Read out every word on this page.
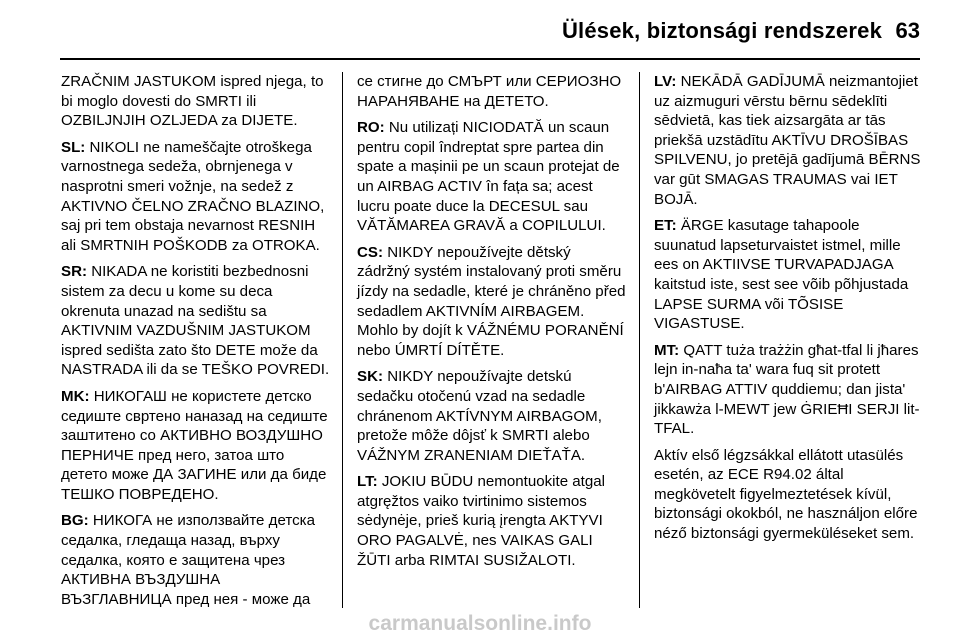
Ülések, biztonsági rendszerek 63

ZRAČNIM JASTUKOM ispred njega, to bi moglo dovesti do SMRTI ili OZBILJNJIH OZLJEDA za DIJETE.

SL: NIKOLI ne nameščajte otroškega varnostnega sedeža, obrnjenega v nasprotni smeri vožnje, na sedež z AKTIVNO ČELNO ZRAČNO BLAZINO, saj pri tem obstaja nevarnost RESNIH ali SMRTNIH POŠKODB za OTROKA.

SR: NIKADA ne koristiti bezbednosni sistem za decu u kome su deca okrenuta unazad na sedištu sa AKTIVNIM VAZDUŠNIM JASTUKOM ispred sedišta zato što DETE može da NASTRADA ili da se TEŠKO POVREDI.

MK: НИКОГАШ не користете детско седиште свртено наназад на седиште заштитено со АКТИВНО ВОЗДУШНО ПЕРНИЧЕ пред него, затоа што детето може ДА ЗАГИНЕ или да биде ТЕШКО ПОВРЕДЕНО.

BG: НИКОГА не използвайте детска седалка, гледаща назад, върху седалка, която е защитена чрез АКТИВНА ВЪЗДУШНА ВЪЗГЛАВНИЦА пред нея - може да

се стигне до СМЪРТ или СЕРИОЗНО НАРАНЯВАНЕ на ДЕТЕТО.

RO: Nu utilizați NICIODATĂ un scaun pentru copil îndreptat spre partea din spate a mașinii pe un scaun protejat de un AIRBAG ACTIV în fața sa; acest lucru poate duce la DECESUL sau VĂTĂMAREA GRAVĂ a COPILULUI.

CS: NIKDY nepoužívejte dětský zádržný systém instalovaný proti směru jízdy na sedadle, které je chráněno před sedadlem AKTIVNÍM AIRBAGEM. Mohlo by dojít k VÁŽNÉMU PORANĚNÍ nebo ÚMRTÍ DÍTĚTE.

SK: NIKDY nepoužívajte detskú sedačku otočenú vzad na sedadle chránenom AKTÍVNYM AIRBAGOM, pretože môže dôjsť k SMRTI alebo VÁŽNYM ZRANENIAM DIEŤAŤA.

LT: JOKIU BŪDU nemontuokite atgal atgręžtos vaiko tvirtinimo sistemos sėdynėje, prieš kurią įrengta AKTYVI ORO PAGALVĖ, nes VAIKAS GALI ŽŪTI arba RIMTAI SUSIŽALOTI.

LV: NEKĀDĀ GADĪJUMĀ neizmantojiet uz aizmuguri vērstu bērnu sēdeklīti sēdvietā, kas tiek aizsargāta ar tās priekšā uzstādītu AKTĪVU DROŠĪBAS SPILVENU, jo pretējā gadījumā BĒRNS var gūt SMAGAS TRAUMAS vai IET BOJĀ.

ET: ÄRGE kasutage tahapoole suunatud lapseturvaistet istmel, mille ees on AKTIIVSE TURVAPADJAGA kaitstud iste, sest see võib põhjustada LAPSE SURMA või TÕSISE VIGASTUSE.

MT: QATT tuża trażżin għat-tfal li jħares lejn in-naħa ta' wara fuq sit protett b'AIRBAG ATTIV quddiemu; dan jista' jikkawża l-MEWT jew ĠRIEĦI SERJI lit-TFAL.

Aktív első légzsákkal ellátott utasülés esetén, az ECE R94.02 által megkövetelt figyelmeztetések kívül, biztonsági okokból, ne használjon előre néző biztonsági gyermeküléseket sem.

carmanualsonline.info
